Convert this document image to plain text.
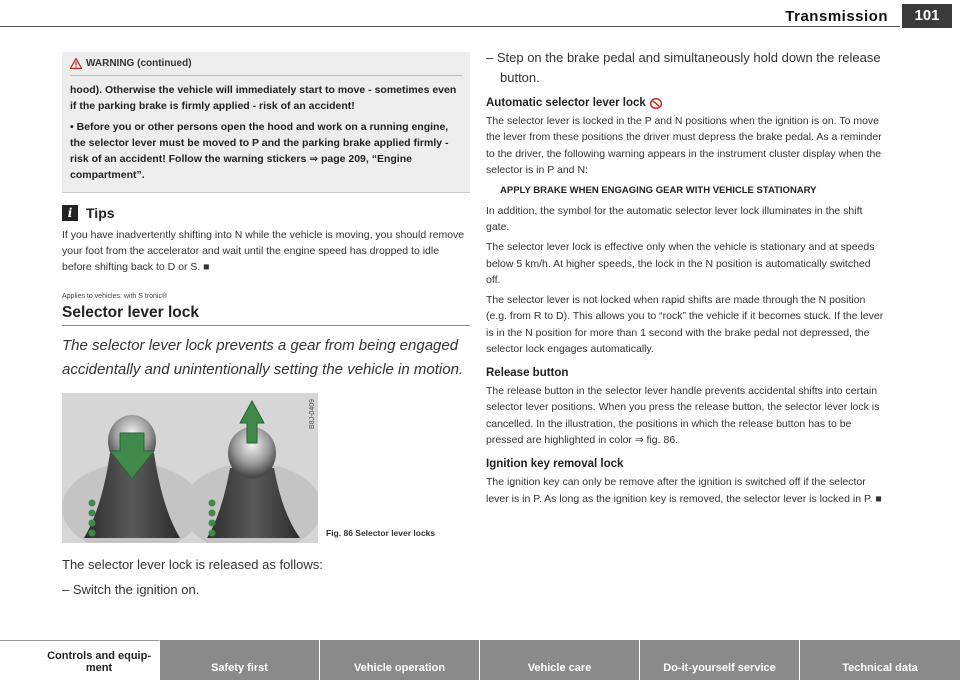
Transmission	101
WARNING (continued)

hood). Otherwise the vehicle will immediately start to move - sometimes even if the parking brake is firmly applied - risk of an accident!

• Before you or other persons open the hood and work on a running engine, the selector lever must be moved to P and the parking brake applied firmly - risk of an accident! Follow the warning stickers ⇒ page 209, “Engine compartment”.

i Tips

If you have inadvertently shifting into N while the vehicle is moving, you should remove your foot from the accelerator and wait until the engine speed has dropped to idle before shifting back to D or S. ■

Applies to vehicles: with S tronic®

Selector lever lock

The selector lever lock prevents a gear from being engaged accidentally and unintentionally setting the vehicle in motion.

B8J-0409
Fig. 86 Selector lever locks

The selector lever lock is released as follows:

– Switch the ignition on.

– Step on the brake pedal and simultaneously hold down the release button.

Automatic selector lever lock

The selector lever is locked in the P and N positions when the ignition is on. To move the lever from these positions the driver must depress the brake pedal. As a reminder to the driver, the following warning appears in the instrument cluster display when the selector is in P and N:

APPLY BRAKE WHEN ENGAGING GEAR WITH VEHICLE STATIONARY

In addition, the symbol for the automatic selector lever lock illuminates in the shift gate.

The selector lever lock is effective only when the vehicle is stationary and at speeds below 5 km/h. At higher speeds, the lock in the N position is automatically switched off.

The selector lever is not locked when rapid shifts are made through the N position (e.g. from R to D). This allows you to “rock” the vehicle if it becomes stuck. If the lever is in the N position for more than 1 second with the brake pedal not depressed, the selector lock engages automatically.

Release button

The release button in the selector lever handle prevents accidental shifts into certain selector lever positions. When you press the release button, the selector lever lock is cancelled. In the illustration, the positions in which the release button has to be pressed are highlighted in color ⇒ fig. 86.

Ignition key removal lock

The ignition key can only be remove after the ignition is switched off if the selector lever is in P. As long as the ignition key is removed, the selector lever is locked in P. ■

Controls and equip-
ment	Safety first	Vehicle operation	Vehicle care	Do-it-yourself service	Technical data
